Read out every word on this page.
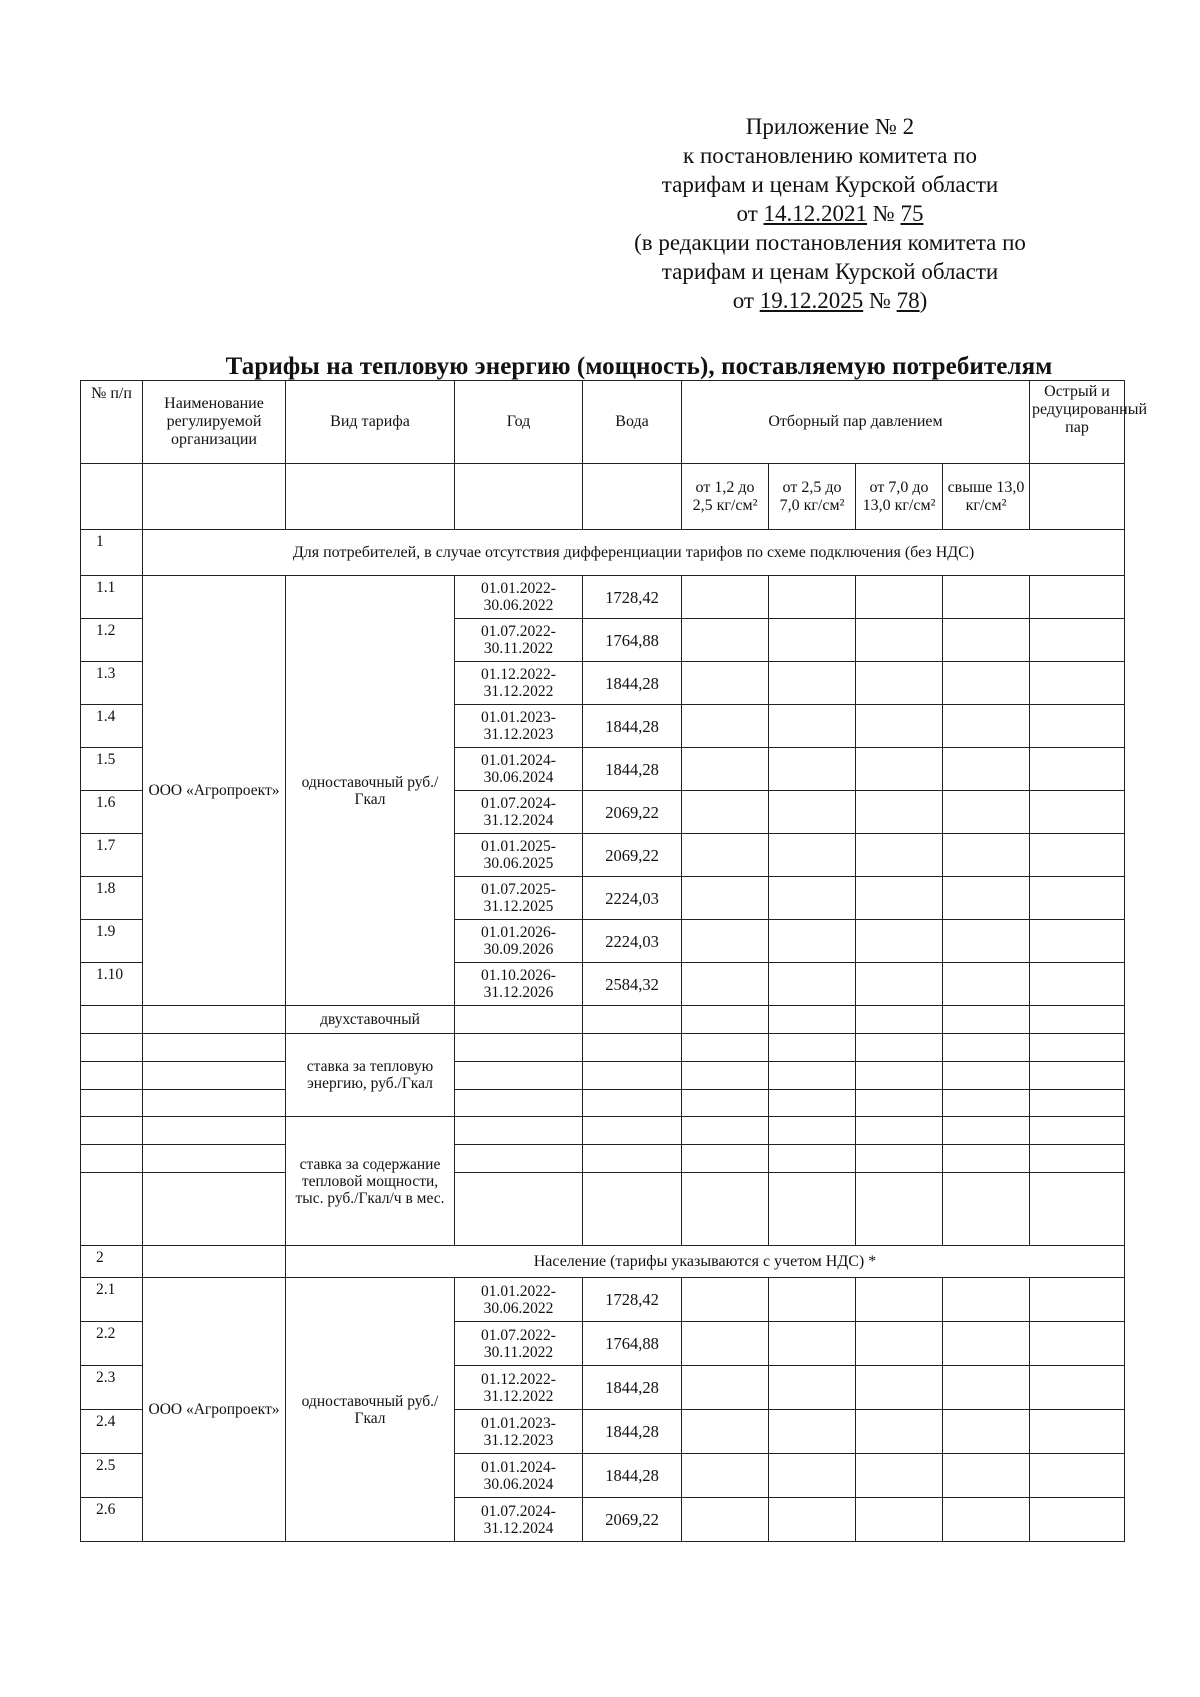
Приложение № 2
к постановлению комитета по
тарифам и ценам Курской области
от 14.12.2021 № 75
(в редакции постановления комитета по
тарифам и ценам Курской области
от 19.12.2025 № 78)
Тарифы на тепловую энергию (мощность), поставляемую потребителям
№ п/п	Наименование регулируемой организации	Вид тарифа	Год	Вода	Отборный пар давлением				Острый и редуцированный пар
					от 1,2 до 2,5 кг/см²	от 2,5 до 7,0 кг/см²	от 7,0 до 13,0 кг/см²	свыше 13,0 кг/см²	
1	Для потребителей, в случае отсутствия дифференциации тарифов по схеме подключения (без НДС)								
1.1	ООО «Агропроект»	одноставочный руб./Гкал	01.01.2022-30.06.2022	1728,42					
1.2			01.07.2022-30.11.2022	1764,88					
1.3			01.12.2022-31.12.2022	1844,28					
1.4			01.01.2023-31.12.2023	1844,28					
1.5			01.01.2024-30.06.2024	1844,28					
1.6			01.07.2024-31.12.2024	2069,22					
1.7			01.01.2025-30.06.2025	2069,22					
1.8			01.07.2025-31.12.2025	2224,03					
1.9			01.01.2026-30.09.2026	2224,03					
1.10			01.10.2026-31.12.2026	2584,32					
		двухставочный							
		ставка за тепловую энергию, руб./Гкал							

		ставка за содержание тепловой мощности, тыс. руб./Гкал/ч в мес.							

2		Население (тарифы указываются с учетом НДС) *							
2.1	ООО «Агропроект»	одноставочный руб./Гкал	01.01.2022-30.06.2022	1728,42					
2.2			01.07.2022-30.11.2022	1764,88					
2.3			01.12.2022-31.12.2022	1844,28					
2.4			01.01.2023-31.12.2023	1844,28					
2.5			01.01.2024-30.06.2024	1844,28					
2.6			01.07.2024-31.12.2024	2069,22					
